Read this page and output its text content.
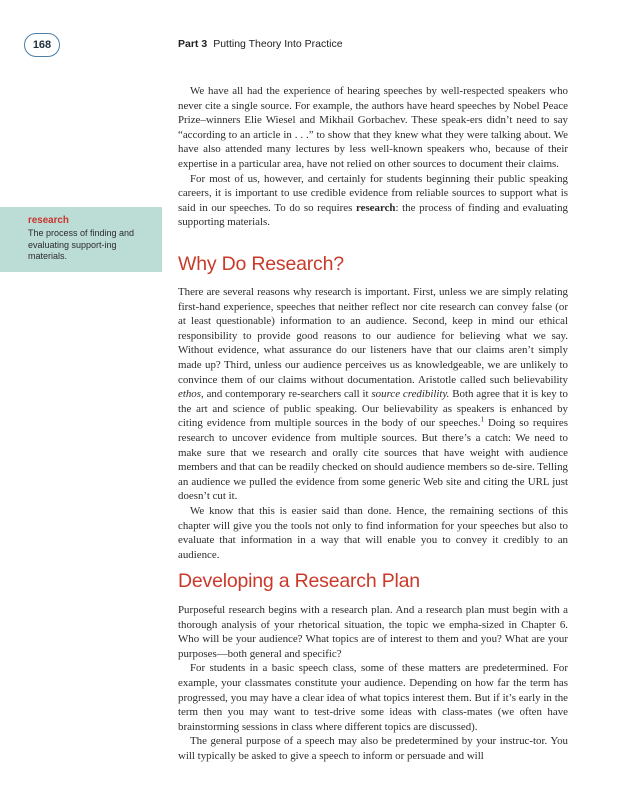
168	Part 3 Putting Theory Into Practice
research
The process of finding and evaluating support-ing materials.

We have all had the experience of hearing speeches by well-respected speakers who never cite a single source. For example, the authors have heard speeches by Nobel Peace Prize–winners Elie Wiesel and Mikhail Gorbachev. These speak-ers didn’t need to say “according to an article in . . .” to show that they knew what they were talking about. We have also attended many lectures by less well-known speakers who, because of their expertise in a particular area, have not relied on other sources to document their claims.

For most of us, however, and certainly for students beginning their public speaking careers, it is important to use credible evidence from reliable sources to support what is said in our speeches. To do so requires research: the process of finding and evaluating supporting materials.

Why Do Research?

There are several reasons why research is important. First, unless we are simply relating first-hand experience, speeches that neither reflect nor cite research can convey false (or at least questionable) information to an audience. Second, keep in mind our ethical responsibility to provide good reasons to our audience for believing what we say. Without evidence, what assurance do our listeners have that our claims aren’t simply made up? Third, unless our audience perceives us as knowledgeable, we are unlikely to convince them of our claims without documentation. Aristotle called such believability ethos, and contemporary re-searchers call it source credibility. Both agree that it is key to the art and science of public speaking. Our believability as speakers is enhanced by citing evidence from multiple sources in the body of our speeches.$^1$ Doing so requires research to uncover evidence from multiple sources. But there’s a catch: We need to make sure that we research and orally cite sources that have weight with audience members and that can be readily checked on should audience members so de-sire. Telling an audience we pulled the evidence from some generic Web site and citing the URL just doesn’t cut it.

We know that this is easier said than done. Hence, the remaining sections of this chapter will give you the tools not only to find information for your speeches but also to evaluate that information in a way that will enable you to convey it credibly to an audience.

Developing a Research Plan

Purposeful research begins with a research plan. And a research plan must begin with a thorough analysis of your rhetorical situation, the topic we empha-sized in Chapter 6. Who will be your audience? What topics are of interest to them and you? What are your purposes—both general and specific?

For students in a basic speech class, some of these matters are predetermined. For example, your classmates constitute your audience. Depending on how far the term has progressed, you may have a clear idea of what topics interest them. But if it’s early in the term then you may want to test-drive some ideas with class-mates (we often have brainstorming sessions in class where different topics are discussed).

The general purpose of a speech may also be predetermined by your instruc-tor. You will typically be asked to give a speech to inform or persuade and will
